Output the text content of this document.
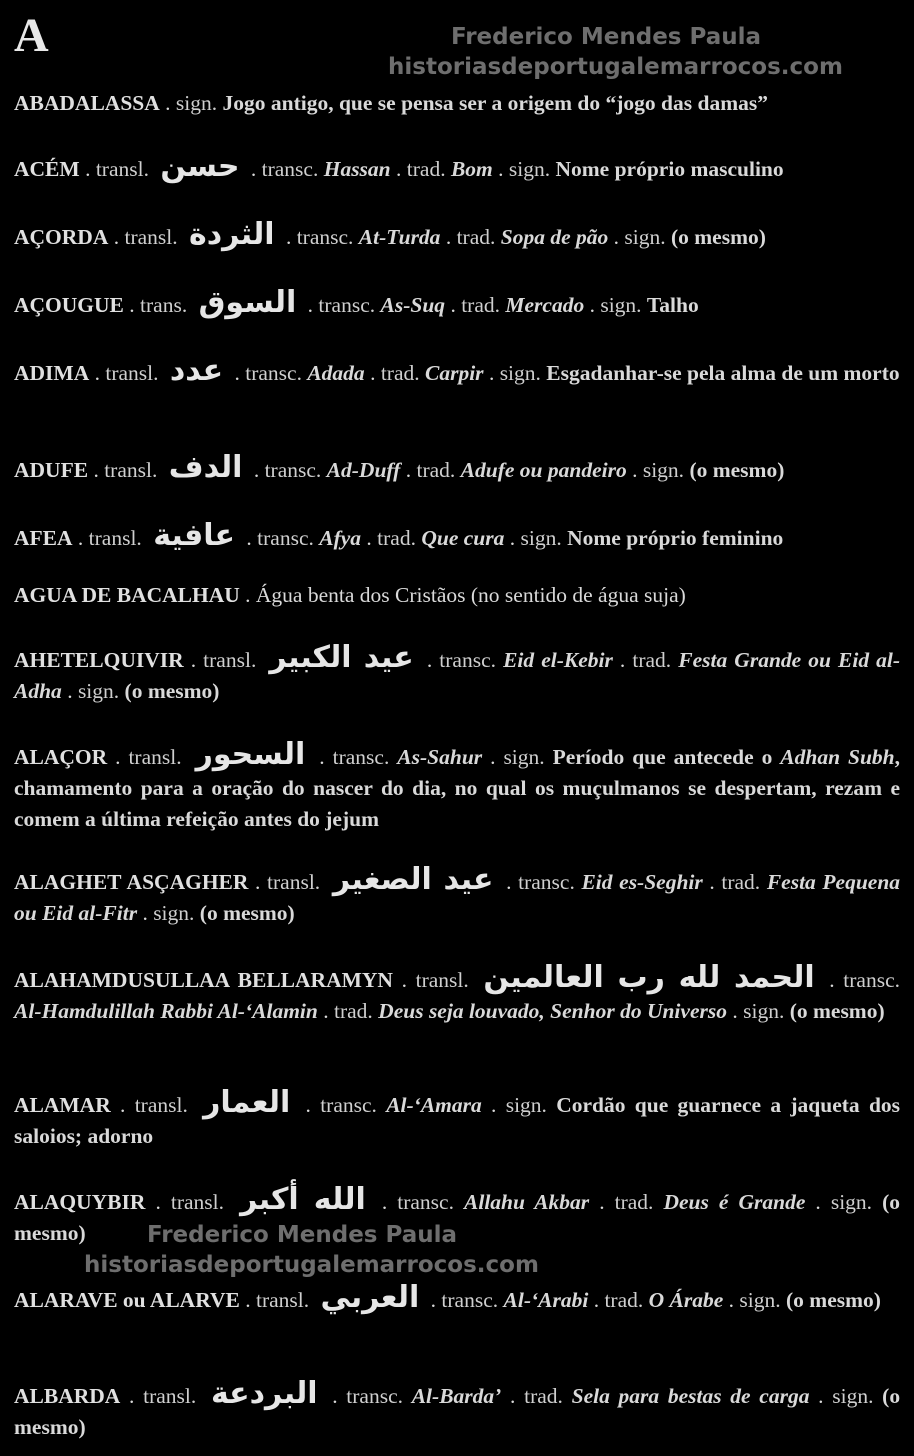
A	Frederico Mendes Paula
historiasdeportugalemarrocos.com
ABADALASSA . sign. Jogo antigo, que se pensa ser a origem do “jogo das damas”
ACÉM . transl. حسن . transc. Hassan . trad. Bom . sign. Nome próprio masculino
AÇORDA . transl. الثردة . transc. At-Turda . trad. Sopa de pão . sign. (o mesmo)
AÇOUGUE . trans. السوق . transc. As-Suq . trad. Mercado . sign. Talho
ADIMA . transl. عدد . transc. Adada . trad. Carpir . sign. Esgadanhar-se pela alma de um morto
ADUFE . transl. الدف . transc. Ad-Duff . trad. Adufe ou pandeiro . sign. (o mesmo)
AFEA . transl. عافية . transc. Afya . trad. Que cura . sign. Nome próprio feminino
AGUA DE BACALHAU . Água benta dos Cristãos (no sentido de água suja)
AHETELQUIVIR . transl. عيد الكبير . transc. Eid el-Kebir . trad. Festa Grande ou Eid al-Adha . sign. (o mesmo)
ALAÇOR . transl. السحور . transc. As-Sahur . sign. Período que antecede o Adhan Subh, chamamento para a oração do nascer do dia, no qual os muçulmanos se despertam, rezam e comem a última refeição antes do jejum
ALAGHET ASÇAGHER . transl. عيد الصغير . transc. Eid es-Seghir . trad. Festa Pequena ou Eid al-Fitr . sign. (o mesmo)
ALAHAMDUSULLAA BELLARAMYN . transl. الحمد لله رب العالمين . transc. Al-Hamdulillah Rabbi Al-‘Alamin . trad. Deus seja louvado, Senhor do Universo . sign. (o mesmo)
ALAMAR . transl. العمار . transc. Al-‘Amara . sign. Cordão que guarnece a jaqueta dos saloios; adorno
ALAQUYBIR . transl. الله أكبر . transc. Allahu Akbar . trad. Deus é Grande . sign. (o mesmo)	Frederico Mendes Paula
historiasdeportugalemarrocos.com
ALARAVE ou ALARVE . transl. العربي . transc. Al-‘Arabi . trad. O Árabe . sign. (o mesmo)
ALBARDA . transl. البردعة . transc. Al-Barda’ . trad. Sela para bestas de carga . sign. (o mesmo)
